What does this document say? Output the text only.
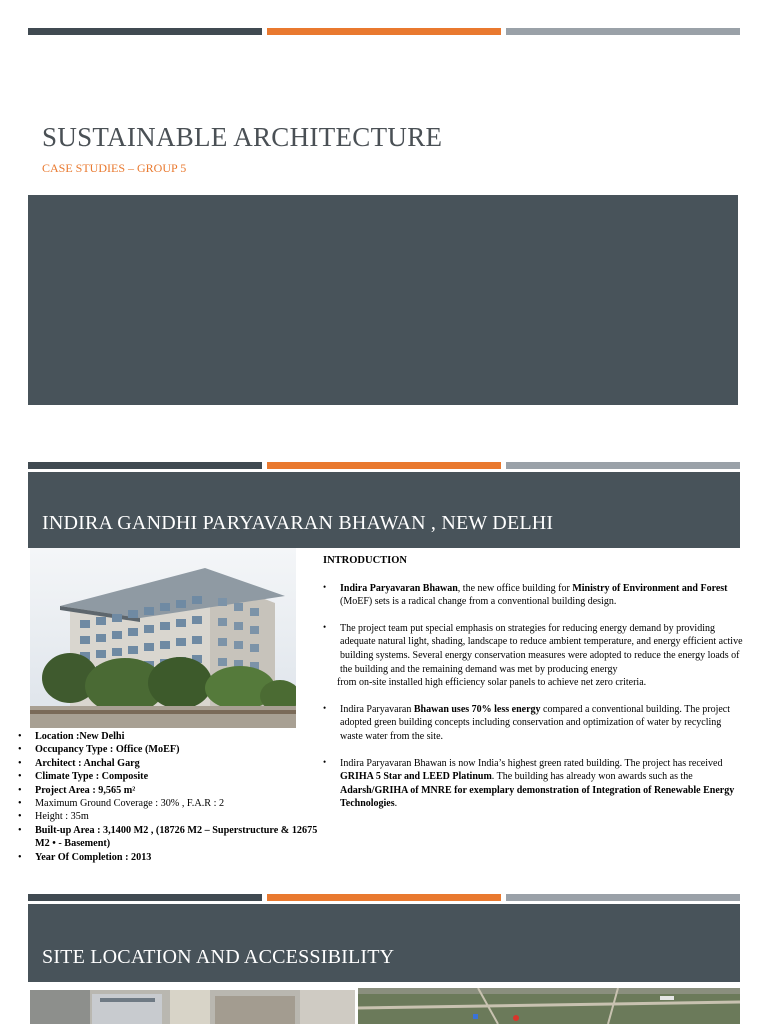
SUSTAINABLE ARCHITECTURE
CASE STUDIES – GROUP 5
INDIRA GANDHI PARYAVARAN BHAWAN , NEW DELHI
• Location :New Delhi
• Occupancy Type : Office (MoEF)
• Architect : Anchal Garg
• Climate Type : Composite
• Project Area : 9,565 m²
• Maximum Ground Coverage : 30% , F.A.R : 2
• Height : 35m
• Built-up Area : 3,1400 M2 , (18726 M2 – Superstructure & 12675 M2 • - Basement)
• Year Of Completion : 2013
INTRODUCTION
• Indira Paryavaran Bhawan, the new office building for Ministry of Environment and Forest (MoEF) sets is a radical change from a conventional building design.
• The project team put special emphasis on strategies for reducing energy demand by providing adequate natural light, shading, landscape to reduce ambient temperature, and energy efficient active building systems. Several energy conservation measures were adopted to reduce the energy loads of the building and the remaining demand was met by producing energy
from on-site installed high efficiency solar panels to achieve net zero criteria.
• Indira Paryavaran Bhawan uses 70% less energy compared a conventional building. The project adopted green building concepts including conservation and optimization of water by recycling waste water from the site.
• Indira Paryavaran Bhawan is now India’s highest green rated building. The project has received GRIHA 5 Star and LEED Platinum. The building has already won awards such as the Adarsh/GRIHA of MNRE for exemplary demonstration of Integration of Renewable Energy Technologies.
SITE LOCATION AND ACCESSIBILITY
